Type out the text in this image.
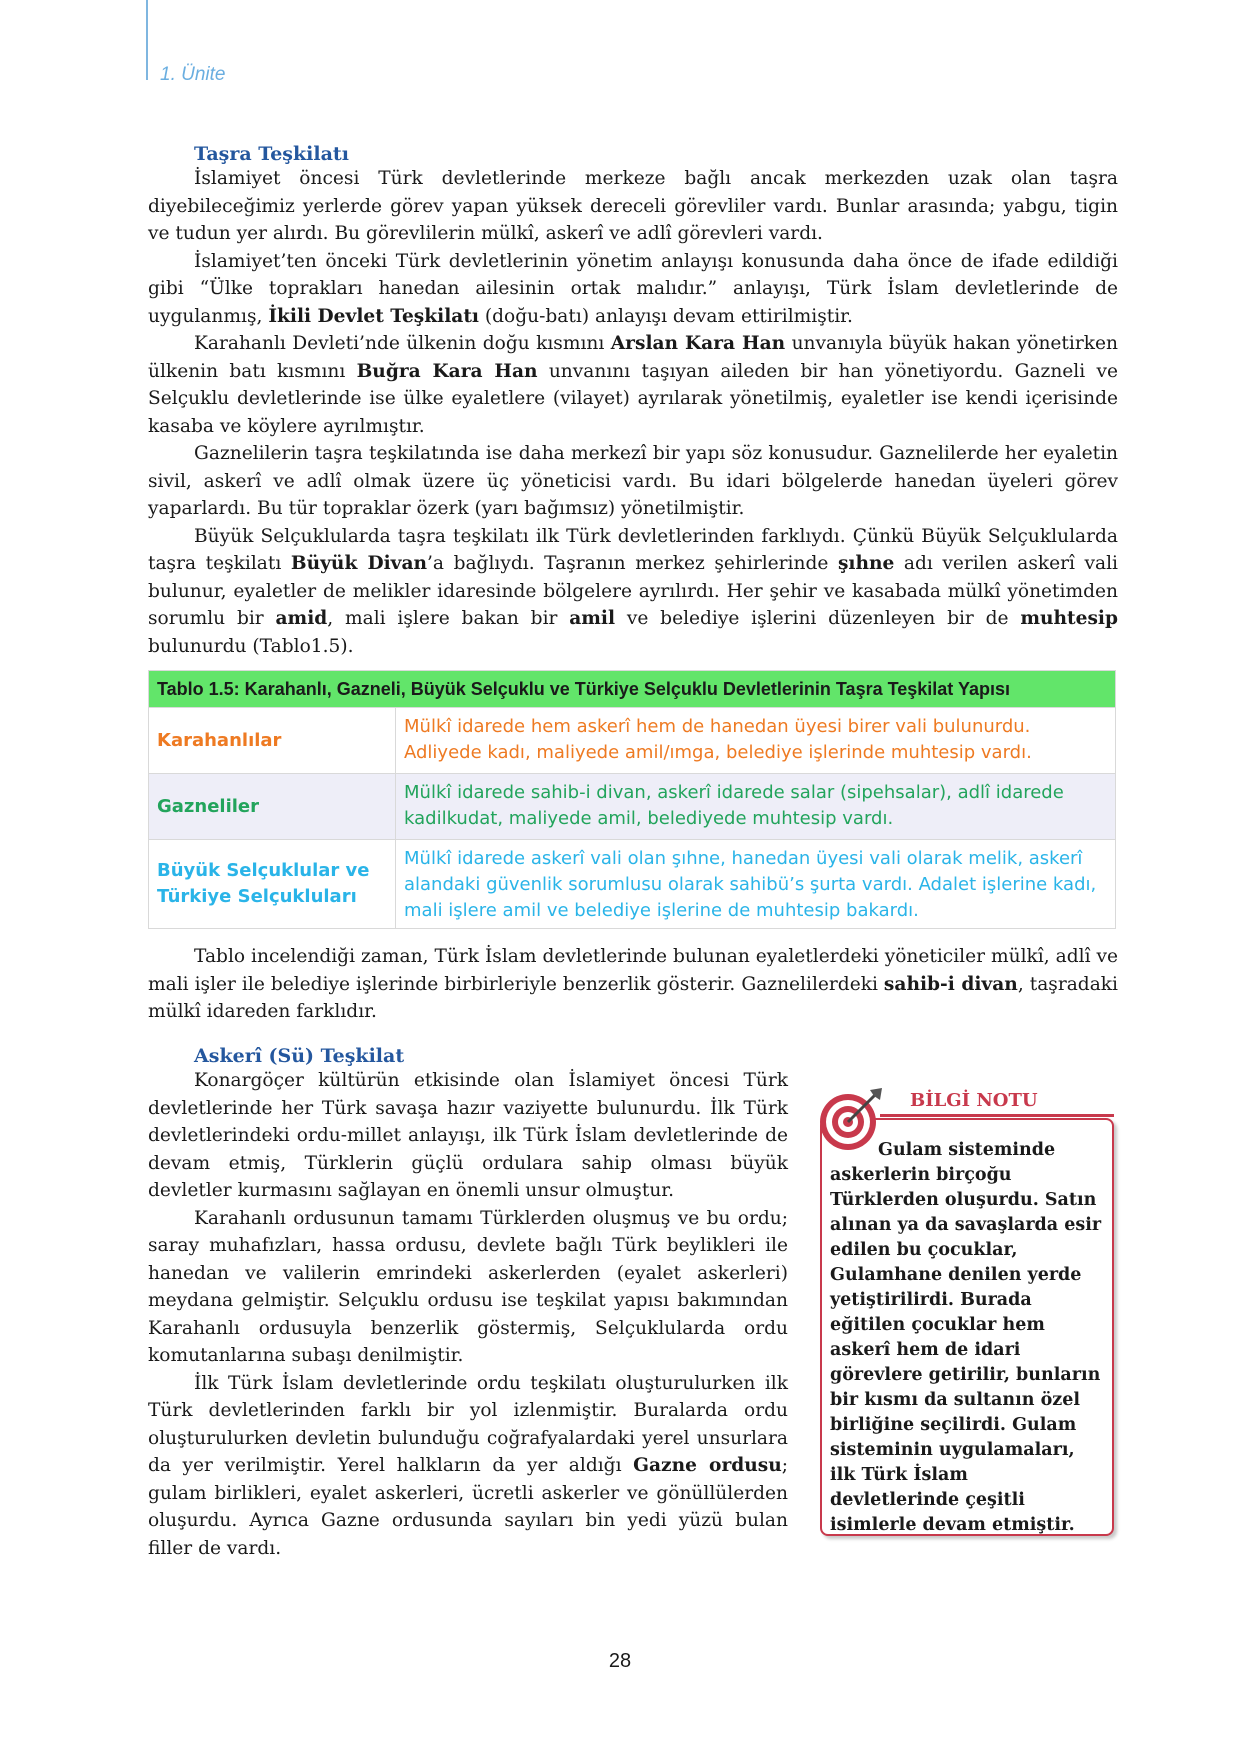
1. Ünite
Taşra Teşkilatı

İslamiyet öncesi Türk devletlerinde merkeze bağlı ancak merkezden uzak olan taşra diyebileceğimiz yerlerde görev yapan yüksek dereceli görevliler vardı. Bunlar arasında; yabgu, tigin ve tudun yer alırdı. Bu görevlilerin mülkî, askerî ve adlî görevleri vardı.

İslamiyet’ten önceki Türk devletlerinin yönetim anlayışı konusunda daha önce de ifade edildiği gibi “Ülke toprakları hanedan ailesinin ortak malıdır.” anlayışı, Türk İslam devletlerinde de uygulanmış, İkili Devlet Teşkilatı (doğu-batı) anlayışı devam ettirilmiştir.

Karahanlı Devleti’nde ülkenin doğu kısmını Arslan Kara Han unvanıyla büyük hakan yönetirken ülkenin batı kısmını Buğra Kara Han unvanını taşıyan aileden bir han yönetiyordu. Gazneli ve Selçuklu devletlerinde ise ülke eyaletlere (vilayet) ayrılarak yönetilmiş, eyaletler ise kendi içerisinde kasaba ve köylere ayrılmıştır.

Gaznelilerin taşra teşkilatında ise daha merkezî bir yapı söz konusudur. Gaznelilerde her eyaletin sivil, askerî ve adlî olmak üzere üç yöneticisi vardı. Bu idari bölgelerde hanedan üyeleri görev yaparlardı. Bu tür topraklar özerk (yarı bağımsız) yönetilmiştir.

Büyük Selçuklularda taşra teşkilatı ilk Türk devletlerinden farklıydı. Çünkü Büyük Selçuklularda taşra teşkilatı Büyük Divan’a bağlıydı. Taşranın merkez şehirlerinde şıhne adı verilen askerî vali bulunur, eyaletler de melikler idaresinde bölgelere ayrılırdı. Her şehir ve kasabada mülkî yönetimden sorumlu bir amid, mali işlere bakan bir amil ve belediye işlerini düzenleyen bir de muhtesip bulunurdu (Tablo1.5).

Tablo 1.5: Karahanlı, Gazneli, Büyük Selçuklu ve Türkiye Selçuklu Devletlerinin Taşra Teşkilat Yapısı
Karahanlılar
Mülkî idarede hem askerî hem de hanedan üyesi birer vali bulunurdu. Adliyede kadı, maliyede amil/ımga, belediye işlerinde muhtesip vardı.
Gazneliler
Mülkî idarede sahib-i divan, askerî idarede salar (sipehsalar), adlî idarede kadilkudat, maliyede amil, belediyede muhtesip vardı.
Büyük Selçuklular ve Türkiye Selçukluları
Mülkî idarede askerî vali olan şıhne, hanedan üyesi vali olarak melik, askerî alandaki güvenlik sorumlusu olarak sahibü’s şurta vardı. Adalet işlerine kadı, mali işlere amil ve belediye işlerine de muhtesip bakardı.

Tablo incelendiği zaman, Türk İslam devletlerinde bulunan eyaletlerdeki yöneticiler mülkî, adlî ve mali işler ile belediye işlerinde birbirleriyle benzerlik gösterir. Gaznelilerdeki sahib-i divan, taşradaki mülkî idareden farklıdır.

Askerî (Sü) Teşkilat

Konargöçer kültürün etkisinde olan İslamiyet öncesi Türk devletlerinde her Türk savaşa hazır vaziyette bulunurdu. İlk Türk devletlerindeki ordu-millet anlayışı, ilk Türk İslam devletlerinde de devam etmiş, Türklerin güçlü ordulara sahip olması büyük devletler kurmasını sağlayan en önemli unsur olmuştur.

Karahanlı ordusunun tamamı Türklerden oluşmuş ve bu ordu; saray muhafızları, hassa ordusu, devlete bağlı Türk beylikleri ile hanedan ve valilerin emrindeki askerlerden (eyalet askerleri) meydana gelmiştir. Selçuklu ordusu ise teşkilat yapısı bakımından Karahanlı ordusuyla benzerlik göstermiş, Selçuklularda ordu komutanlarına subaşı denilmiştir.

İlk Türk İslam devletlerinde ordu teşkilatı oluşturulurken ilk Türk devletlerinden farklı bir yol izlenmiştir. Buralarda ordu oluşturulurken devletin bulunduğu coğrafyalardaki yerel unsurlara da yer verilmiştir. Yerel halkların da yer aldığı Gazne ordusu; gulam birlikleri, eyalet askerleri, ücretli askerler ve gönüllülerden oluşurdu. Ayrıca Gazne ordusunda sayıları bin yedi yüzü bulan filler de vardı.

BİLGİ NOTU
Gulam sisteminde askerlerin birçoğu Türklerden oluşurdu. Satın alınan ya da savaşlarda esir edilen bu çocuklar, Gulamhane denilen yerde yetiştirilirdi. Burada eğitilen çocuklar hem askerî hem de idari görevlere getirilir, bunların bir kısmı da sultanın özel birliğine seçilirdi. Gulam sisteminin uygulamaları, ilk Türk İslam devletlerinde çeşitli isimlerle devam etmiştir.
28
